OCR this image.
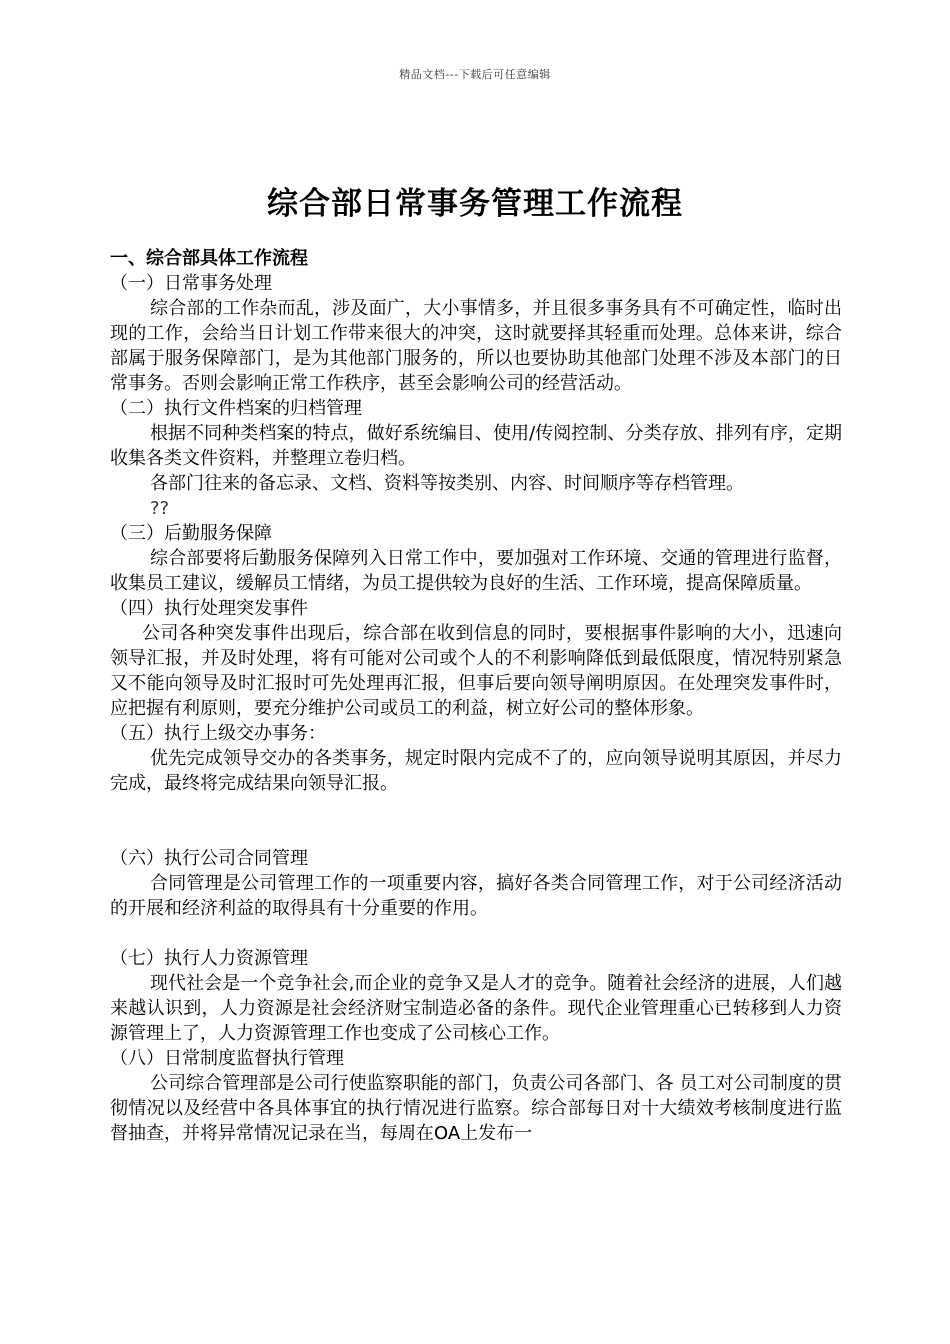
精品文档---下载后可任意编辑
综合部日常事务管理工作流程

一、综合部具体工作流程

（一）日常事务处理

综合部的工作杂而乱，涉及面广，大小事情多，并且很多事务具有不可确定性，临时出现的工作，会给当日计划工作带来很大的冲突，这时就要择其轻重而处理。总体来讲，综合部属于服务保障部门，是为其他部门服务的，所以也要协助其他部门处理不涉及本部门的日常事务。否则会影响正常工作秩序，甚至会影响公司的经营活动。

（二）执行文件档案的归档管理

根据不同种类档案的特点，做好系统编目、使用/传阅控制、分类存放、排列有序，定期收集各类文件资料，并整理立卷归档。

各部门往来的备忘录、文档、资料等按类别、内容、时间顺序等存档管理。

??

（三）后勤服务保障

综合部要将后勤服务保障列入日常工作中，要加强对工作环境、交通的管理进行监督，收集员工建议，缓解员工情绪，为员工提供较为良好的生活、工作环境，提高保障质量。

（四）执行处理突发事件

公司各种突发事件出现后，综合部在收到信息的同时，要根据事件影响的大小，迅速向领导汇报，并及时处理，将有可能对公司或个人的不利影响降低到最低限度，情况特别紧急又不能向领导及时汇报时可先处理再汇报，但事后要向领导阐明原因。在处理突发事件时，应把握有利原则，要充分维护公司或员工的利益，树立好公司的整体形象。

（五）执行上级交办事务：

优先完成领导交办的各类事务，规定时限内完成不了的，应向领导说明其原因，并尽力完成，最终将完成结果向领导汇报。

（六）执行公司合同管理

合同管理是公司管理工作的一项重要内容，搞好各类合同管理工作，对于公司经济活动的开展和经济利益的取得具有十分重要的作用。

（七）执行人力资源管理

现代社会是一个竞争社会,而企业的竞争又是人才的竞争。随着社会经济的进展，人们越来越认识到，人力资源是社会经济财宝制造必备的条件。现代企业管理重心已转移到人力资源管理上了，人力资源管理工作也变成了公司核心工作。

（八）日常制度监督执行管理

公司综合管理部是公司行使监察职能的部门，负责公司各部门、各 员工对公司制度的贯彻情况以及经营中各具体事宜的执行情况进行监察。综合部每日对十大绩效考核制度进行监督抽查，并将异常情况记录在当，每周在OA上发布一
